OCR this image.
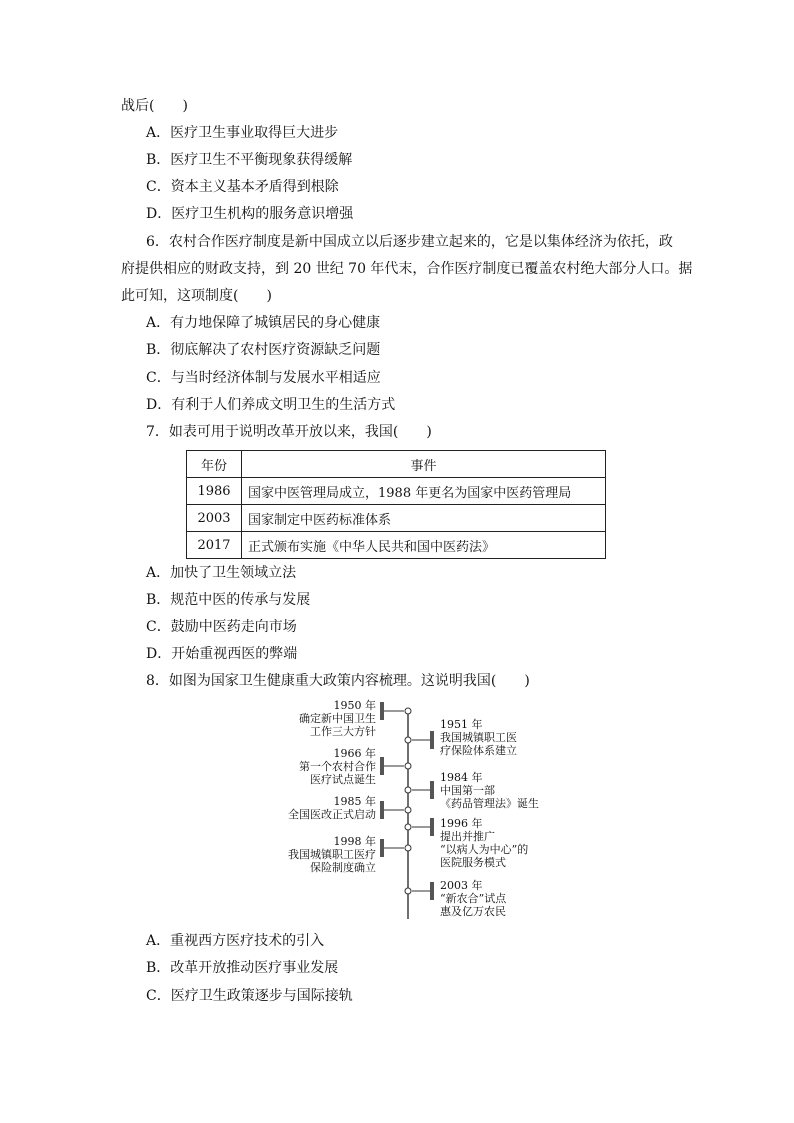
战后(　　)
A．医疗卫生事业取得巨大进步
B．医疗卫生不平衡现象获得缓解
C．资本主义基本矛盾得到根除
D．医疗卫生机构的服务意识增强
6．农村合作医疗制度是新中国成立以后逐步建立起来的，它是以集体经济为依托，政
府提供相应的财政支持，到 20 世纪 70 年代末，合作医疗制度已覆盖农村绝大部分人口。据
此可知，这项制度(　　)
A．有力地保障了城镇居民的身心健康
B．彻底解决了农村医疗资源缺乏问题
C．与当时经济体制与发展水平相适应
D．有利于人们养成文明卫生的生活方式
7．如表可用于说明改革开放以来，我国(　　)
年份	事件
1986	国家中医管理局成立，1988 年更名为国家中医药管理局
2003	国家制定中医药标准体系
2017	正式颁布实施《中华人民共和国中医药法》
A．加快了卫生领域立法
B．规范中医的传承与发展
C．鼓励中医药走向市场
D．开始重视西医的弊端
8．如图为国家卫生健康重大政策内容梳理。这说明我国(　　)
1950 年
确定新中国卫生
工作三大方针
1966 年
第一个农村合作
医疗试点诞生
1985 年
全国医改正式启动
1998 年
我国城镇职工医疗
保险制度确立
1951 年
我国城镇职工医
疗保险体系建立
1984 年
中国第一部
《药品管理法》诞生
1996 年
提出并推广
“以病人为中心”的
医院服务模式
2003 年
“新农合”试点
惠及亿万农民
A．重视西方医疗技术的引入
B．改革开放推动医疗事业发展
C．医疗卫生政策逐步与国际接轨
